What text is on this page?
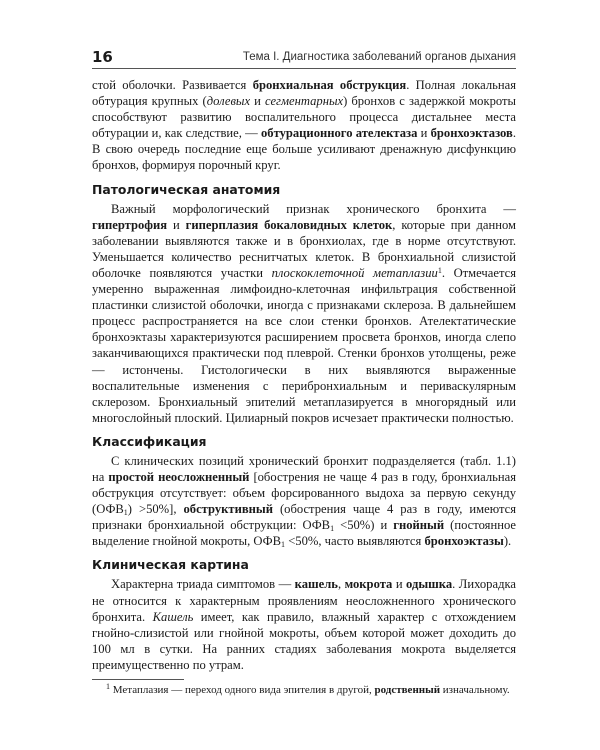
16	Тема I. Диагностика заболеваний органов дыхания

стой оболочки. Развивается бронхиальная обструкция. Полная локальная обтурация крупных (долевых и сегментарных) бронхов с задержкой мокроты способствуют развитию воспалительного процесса дистальнее места обтурации и, как следствие, — обтурационного ателектаза и бронхоэктазов. В свою очередь последние еще больше усиливают дренажную дисфункцию бронхов, формируя порочный круг.

Патологическая анатомия

Важный морфологический признак хронического бронхита — гипертрофия и гиперплазия бокаловидных клеток, которые при данном заболевании выявляются также и в бронхиолах, где в норме отсутствуют. Уменьшается количество реснитчатых клеток. В бронхиальной слизистой оболочке появляются участки плоскоклеточной метаплазии$^1$. Отмечается умеренно выраженная лимфоидно-клеточная инфильтрация собственной пластинки слизистой оболочки, иногда с признаками склероза. В дальнейшем процесс распространяется на все слои стенки бронхов. Ателектатические бронхоэктазы характеризуются расширением просвета бронхов, иногда слепо заканчивающихся практически под плеврой. Стенки бронхов утолщены, реже — истончены. Гистологически в них выявляются выраженные воспалительные изменения с перибронхиальным и периваскулярным склерозом. Бронхиальный эпителий метаплазируется в многорядный или многослойный плоский. Цилиарный покров исчезает практически полностью.

Классификация

С клинических позиций хронический бронхит подразделяется (табл. 1.1) на простой неосложненный [обострения не чаще 4 раз в году, бронхиальная обструкция отсутствует: объем форсированного выдоха за первую секунду $(ОФВ_1) >50\%$], обструктивный (обострения чаще 4 раз в году, имеются признаки бронхиальной обструкции: $ОФВ_1 <50\%$) и гнойный (постоянное выделение гнойной мокроты, $ОФВ_1 <50\%$, часто выявляются бронхоэктазы).

Клиническая картина

Характерна триада симптомов — кашель, мокрота и одышка. Лихорадка не относится к характерным проявлениям неосложненного хронического бронхита. Кашель имеет, как правило, влажный характер с отхождением гнойно-слизистой или гнойной мокроты, объем которой может доходить до 100 мл в сутки. На ранних стадиях заболевания мокрота выделяется преимущественно по утрам.

$^1$ Метаплазия — переход одного вида эпителия в другой, родственный изначальному.
